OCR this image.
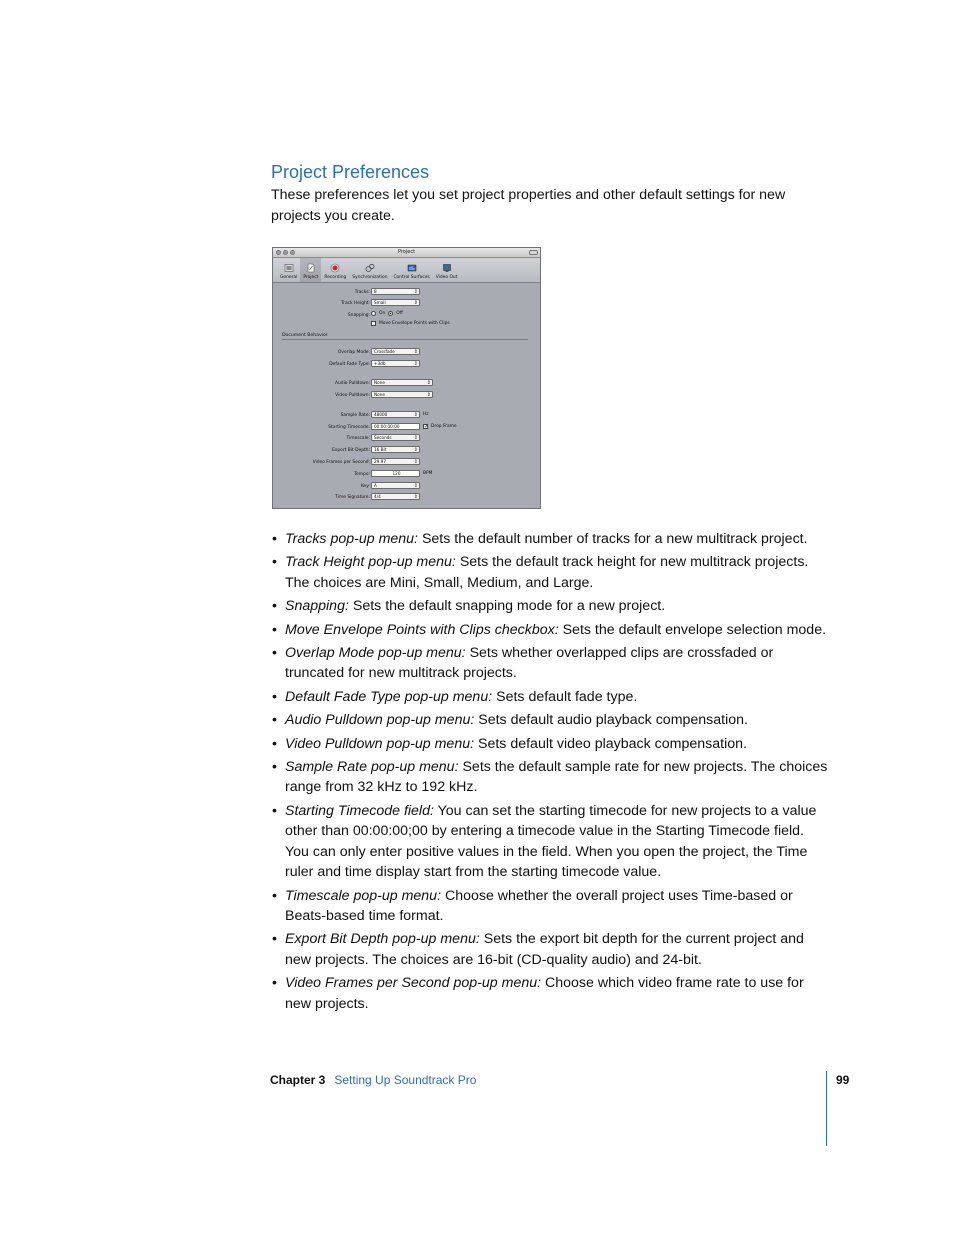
Project Preferences

These preferences let you set project properties and other default settings for new projects you create.

Project
General Project Recording Synchronization Control Surfaces Video Out
Tracks: 8 ⇕
Track Height: Small ⇕
Snapping: On	Off
Move Envelope Points with Clips
Document Behavior
Overlap Mode: Crossfade ⇕
Default Fade Type: +3db ⇕
Audio Pulldown: None ⇕
Video Pulldown: None ⇕
Sample Rate: 48000 ⇕	Hz
Starting Timecode: 00:00:00;00	✓ Drop Frame
Timescale: Seconds ⇕
Export Bit Depth: 16 Bit ⇕
Video Frames per Second: 29.97 ⇕
Tempo:	120	BPM
Key: A ⇕
Time Signature: 4/4 ⇕
• Tracks pop-up menu: Sets the default number of tracks for a new multitrack project.
• Track Height pop-up menu: Sets the default track height for new multitrack projects. The choices are Mini, Small, Medium, and Large.
• Snapping: Sets the default snapping mode for a new project.
• Move Envelope Points with Clips checkbox: Sets the default envelope selection mode.
• Overlap Mode pop-up menu: Sets whether overlapped clips are crossfaded or truncated for new multitrack projects.
• Default Fade Type pop-up menu: Sets default fade type.
• Audio Pulldown pop-up menu: Sets default audio playback compensation.
• Video Pulldown pop-up menu: Sets default video playback compensation.
• Sample Rate pop-up menu: Sets the default sample rate for new projects. The choices range from 32 kHz to 192 kHz.
• Starting Timecode field: You can set the starting timecode for new projects to a value other than 00:00:00;00 by entering a timecode value in the Starting Timecode field. You can only enter positive values in the field. When you open the project, the Time ruler and time display start from the starting timecode value.
• Timescale pop-up menu: Choose whether the overall project uses Time-based or Beats-based time format.
• Export Bit Depth pop-up menu: Sets the export bit depth for the current project and new projects. The choices are 16-bit (CD-quality audio) and 24-bit.
• Video Frames per Second pop-up menu: Choose which video frame rate to use for new projects.
Chapter 3 Setting Up Soundtrack Pro	99
